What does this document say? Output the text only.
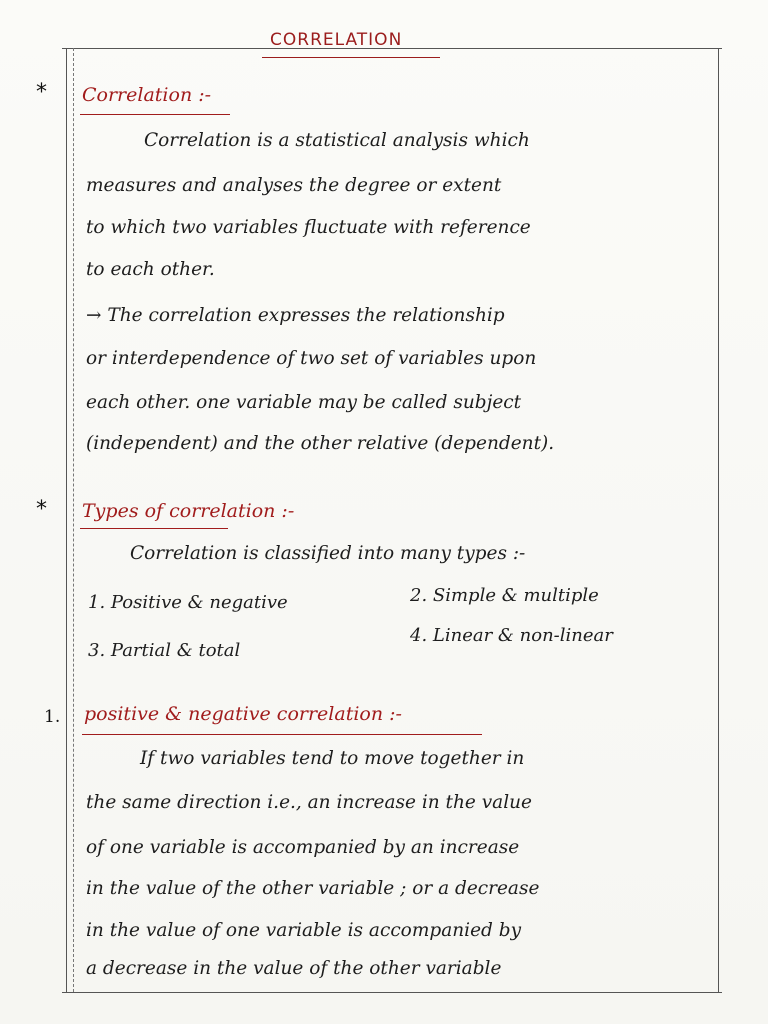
CORRELATION
* Correlation :-
Correlation is a statistical analysis which
measures and analyses the degree or extent
to which two variables fluctuate with reference
to each other.
→ The correlation expresses the relationship
or interdependence of two set of variables upon
each other. one variable may be called subject
(independent) and the other relative (dependent).
* Types of correlation :-
Correlation is classified into many types :-
1. Positive & negative	2. Simple & multiple
3. Partial & total
4. Linear & non-linear
1. positive & negative correlation :-
If two variables tend to move together in
the same direction i.e., an increase in the value
of one variable is accompanied by an increase
in the value of the other variable ; or a decrease
in the value of one variable is accompanied by
a decrease in the value of the other variable
